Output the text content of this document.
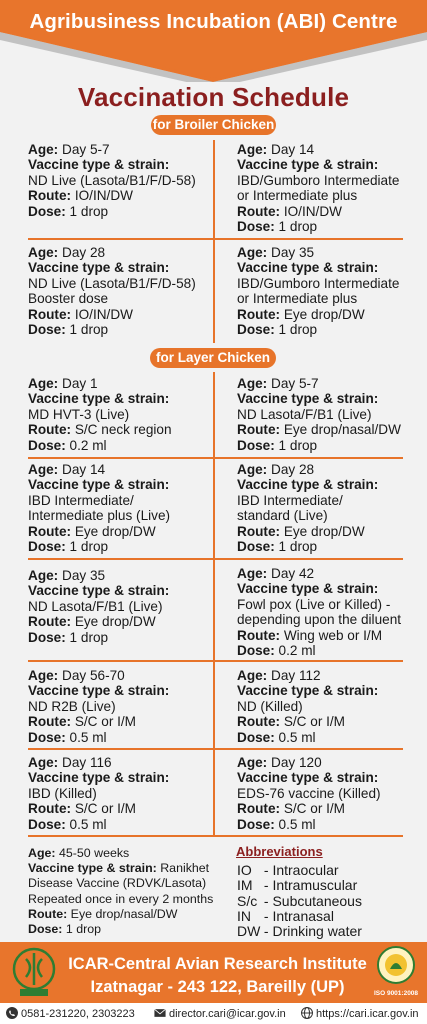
Agribusiness Incubation (ABI) Centre
Vaccination Schedule
for Broiler Chicken
for Layer Chicken
Age: Day 5-7
Vaccine type & strain:
ND Live (Lasota/B1/F/D-58)
Route: IO/IN/DW
Dose: 1 drop
Age: Day 14
Vaccine type & strain:
IBD/Gumboro Intermediate
or Intermediate plus
Route: IO/IN/DW
Dose: 1 drop
Age: Day 28
Vaccine type & strain:
ND Live (Lasota/B1/F/D-58)
Booster dose
Route: IO/IN/DW
Dose: 1 drop
Age: Day 35
Vaccine type & strain:
IBD/Gumboro Intermediate
or Intermediate plus
Route: Eye drop/DW
Dose: 1 drop
Age: Day 1
Vaccine type & strain:
MD HVT-3 (Live)
Route: S/C neck region
Dose: 0.2 ml
Age: Day 5-7
Vaccine type & strain:
ND Lasota/F/B1 (Live)
Route: Eye drop/nasal/DW
Dose: 1 drop
Age: Day 14
Vaccine type & strain:
IBD Intermediate/
Intermediate plus (Live)
Route: Eye drop/DW
Dose: 1 drop
Age: Day 28
Vaccine type & strain:
IBD Intermediate/
standard (Live)
Route: Eye drop/DW
Dose: 1 drop
Age: Day 35
Vaccine type & strain:
ND Lasota/F/B1 (Live)
Route: Eye drop/DW
Dose: 1 drop
Age: Day 42
Vaccine type & strain:
Fowl pox (Live or Killed) -
depending upon the diluent
Route: Wing web or I/M
Dose: 0.2 ml
Age: Day 56-70
Vaccine type & strain:
ND R2B (Live)
Route: S/C or I/M
Dose: 0.5 ml
Age: Day 112
Vaccine type & strain:
ND (Killed)
Route: S/C or I/M
Dose: 0.5 ml
Age: Day 116
Vaccine type & strain:
IBD (Killed)
Route: S/C or I/M
Dose: 0.5 ml
Age: Day 120
Vaccine type & strain:
EDS-76 vaccine (Killed)
Route: S/C or I/M
Dose: 0.5 ml
Age: 45-50 weeks
Vaccine type & strain: Ranikhet
Disease Vaccine (RDVK/Lasota)
Repeated once in every 2 months
Route: Eye drop/nasal/DW
Dose: 1 drop
Abbreviations
IO - Intraocular
IM - Intramuscular
S/c - Subcutaneous
IN - Intranasal
DW - Drinking water
ICAR-Central Avian Research Institute
Izatnagar - 243 122, Bareilly (UP)	ISO 9001:2008
0581-231220, 2303223	director.cari@icar.gov.in	https://cari.icar.gov.in
